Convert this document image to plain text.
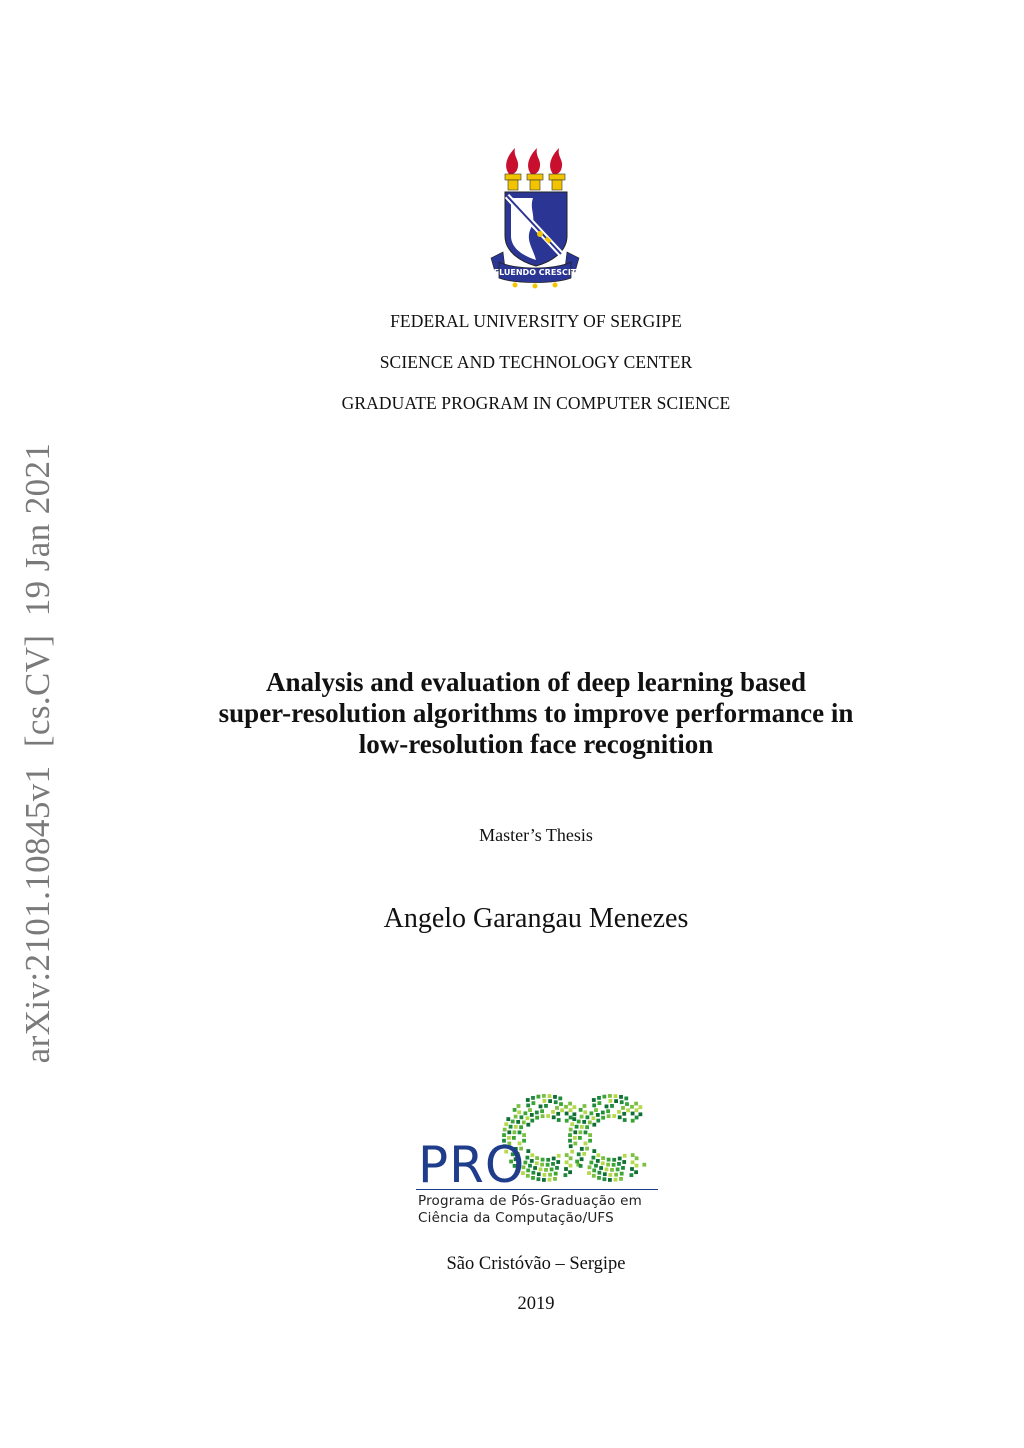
arXiv:2101.10845v1  [cs.CV]  19 Jan 2021
FLUENDO CRESCIT
FEDERAL UNIVERSITY OF SERGIPE
SCIENCE AND TECHNOLOGY CENTER
GRADUATE PROGRAM IN COMPUTER SCIENCE
Analysis and evaluation of deep learning based
super-resolution algorithms to improve performance in
low-resolution face recognition
Master’s Thesis
Angelo Garangau Menezes
PRO
Programa de Pós-Graduação em
Ciência da Computação/UFS
São Cristóvão – Sergipe
2019
